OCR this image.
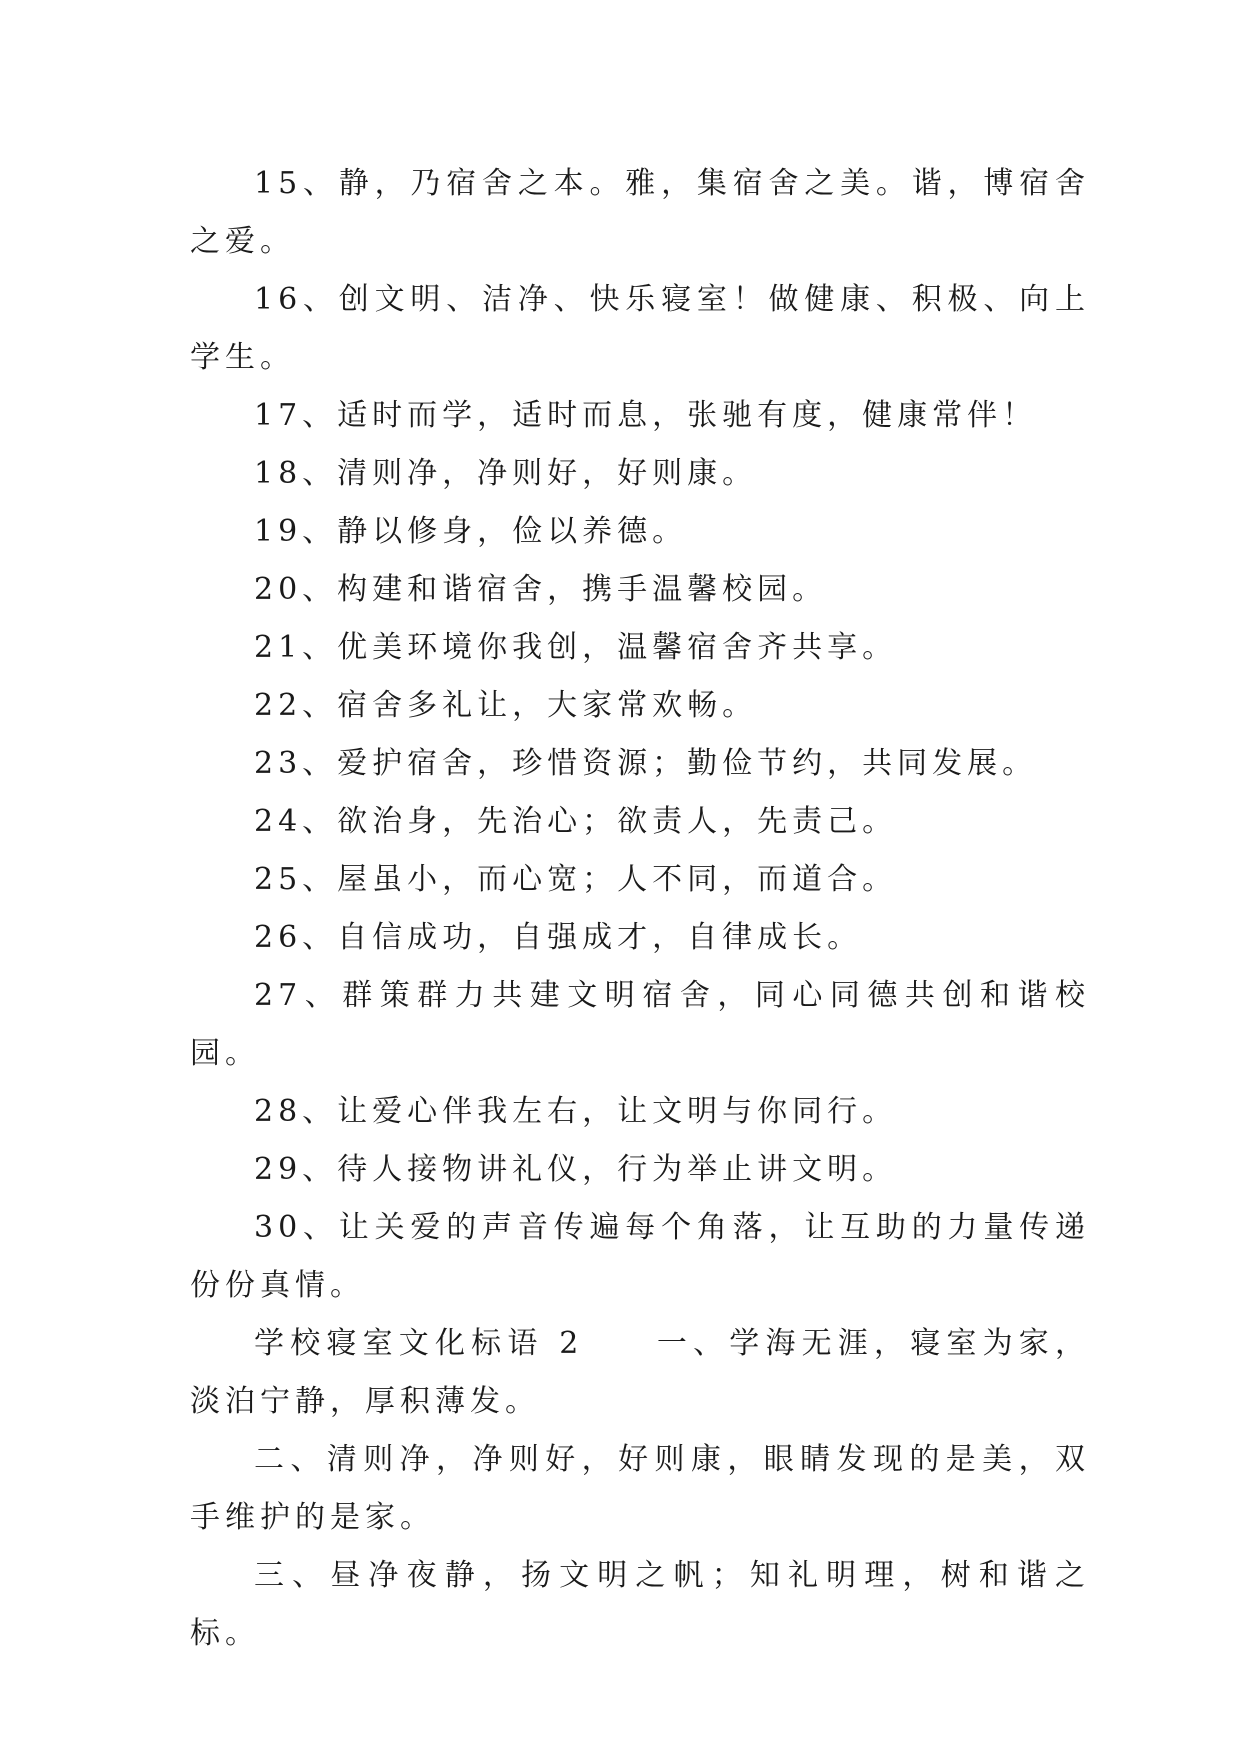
15、静，乃宿舍之本。雅，集宿舍之美。谐，博宿舍之爱。

16、创文明、洁净、快乐寝室！做健康、积极、向上学生。

17、适时而学，适时而息，张驰有度，健康常伴！

18、清则净，净则好，好则康。

19、静以修身，俭以养德。

20、构建和谐宿舍，携手温馨校园。

21、优美环境你我创，温馨宿舍齐共享。

22、宿舍多礼让，大家常欢畅。

23、爱护宿舍，珍惜资源；勤俭节约，共同发展。

24、欲治身，先治心；欲责人，先责己。

25、屋虽小，而心宽；人不同，而道合。

26、自信成功，自强成才，自律成长。

27、群策群力共建文明宿舍，同心同德共创和谐校园。

28、让爱心伴我左右，让文明与你同行。

29、待人接物讲礼仪，行为举止讲文明。

30、让关爱的声音传遍每个角落，让互助的力量传递份份真情。

学校寝室文化标语 2　　一、学海无涯，寝室为家，淡泊宁静，厚积薄发。

二、清则净，净则好，好则康，眼睛发现的是美，双手维护的是家。

三、昼净夜静，扬文明之帆；知礼明理，树和谐之标。
